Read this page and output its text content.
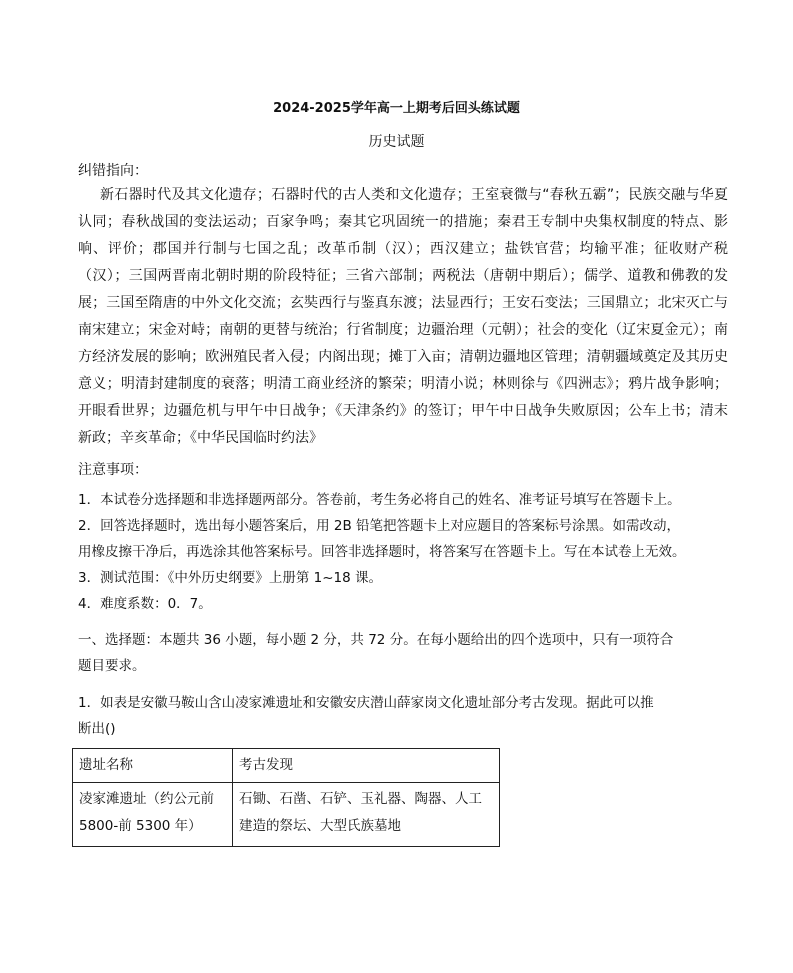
2024-2025学年高一上期考后回头练试题
历史试题
纠错指向：
新石器时代及其文化遗存；石器时代的古人类和文化遗存；王室衰微与“春秋五霸”；民族交融与华夏认同；春秋战国的变法运动；百家争鸣；秦其它巩固统一的措施；秦君王专制中央集权制度的特点、影响、评价；郡国并行制与七国之乱；改革币制（汉）；西汉建立；盐铁官营；均输平准；征收财产税（汉）；三国两晋南北朝时期的阶段特征；三省六部制；两税法（唐朝中期后）；儒学、道教和佛教的发展；三国至隋唐的中外文化交流；玄奘西行与鉴真东渡；法显西行；王安石变法；三国鼎立；北宋灭亡与南宋建立；宋金对峙；南朝的更替与统治；行省制度；边疆治理（元朝）；社会的变化（辽宋夏金元）；南方经济发展的影响；欧洲殖民者入侵；内阁出现；摊丁入亩；清朝边疆地区管理；清朝疆域奠定及其历史意义；明清封建制度的衰落；明清工商业经济的繁荣；明清小说；林则徐与《四洲志》；鸦片战争影响；开眼看世界；边疆危机与甲午中日战争；《天津条约》的签订；甲午中日战争失败原因；公车上书；清末新政；辛亥革命；《中华民国临时约法》
注意事项：
1．本试卷分选择题和非选择题两部分。答卷前，考生务必将自己的姓名、准考证号填写在答题卡上。
2．回答选择题时，选出每小题答案后，用 2B 铅笔把答题卡上对应题目的答案标号涂黑。如需改动，
用橡皮擦干净后，再选涂其他答案标号。回答非选择题时，将答案写在答题卡上。写在本试卷上无效。
3．测试范围：《中外历史纲要》上册第 1~18 课。
4．难度系数：0．7。
一、选择题：本题共 36 小题，每小题 2 分，共 72 分。在每小题给出的四个选项中，只有一项符合
题目要求。
1．如表是安徽马鞍山含山凌家滩遗址和安徽安庆潜山薛家岗文化遗址部分考古发现。据此可以推
断出()
遗址名称	考古发现
凌家滩遗址（约公元前5800-前 5300 年）	石锄、石凿、石铲、玉礼器、陶器、人工建造的祭坛、大型氏族墓地
